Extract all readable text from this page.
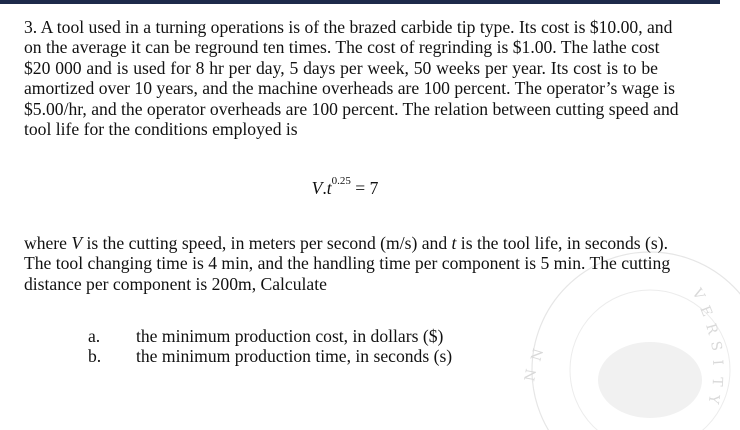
V
E
R
S
I
T
Y
N
N
3. A tool used in a turning operations is of the brazed carbide tip type. Its cost is $10.00, and
on the average it can be reground ten times. The cost of regrinding is $1.00. The lathe cost
$20 000 and is used for 8 hr per day, 5 days per week, 50 weeks per year. Its cost is to be
amortized over 10 years, and the machine overheads are 100 percent. The operator’s wage is
$5.00/hr, and the operator overheads are 100 percent. The relation between cutting speed and
tool life for the conditions employed is
$V.t^{0.25} = 7$
where V is the cutting speed, in meters per second (m/s) and t is the tool life, in seconds (s).
The tool changing time is 4 min, and the handling time per component is 5 min. The cutting
distance per component is 200m, Calculate
a. the minimum production cost, in dollars ($)
b. the minimum production time, in seconds (s)
